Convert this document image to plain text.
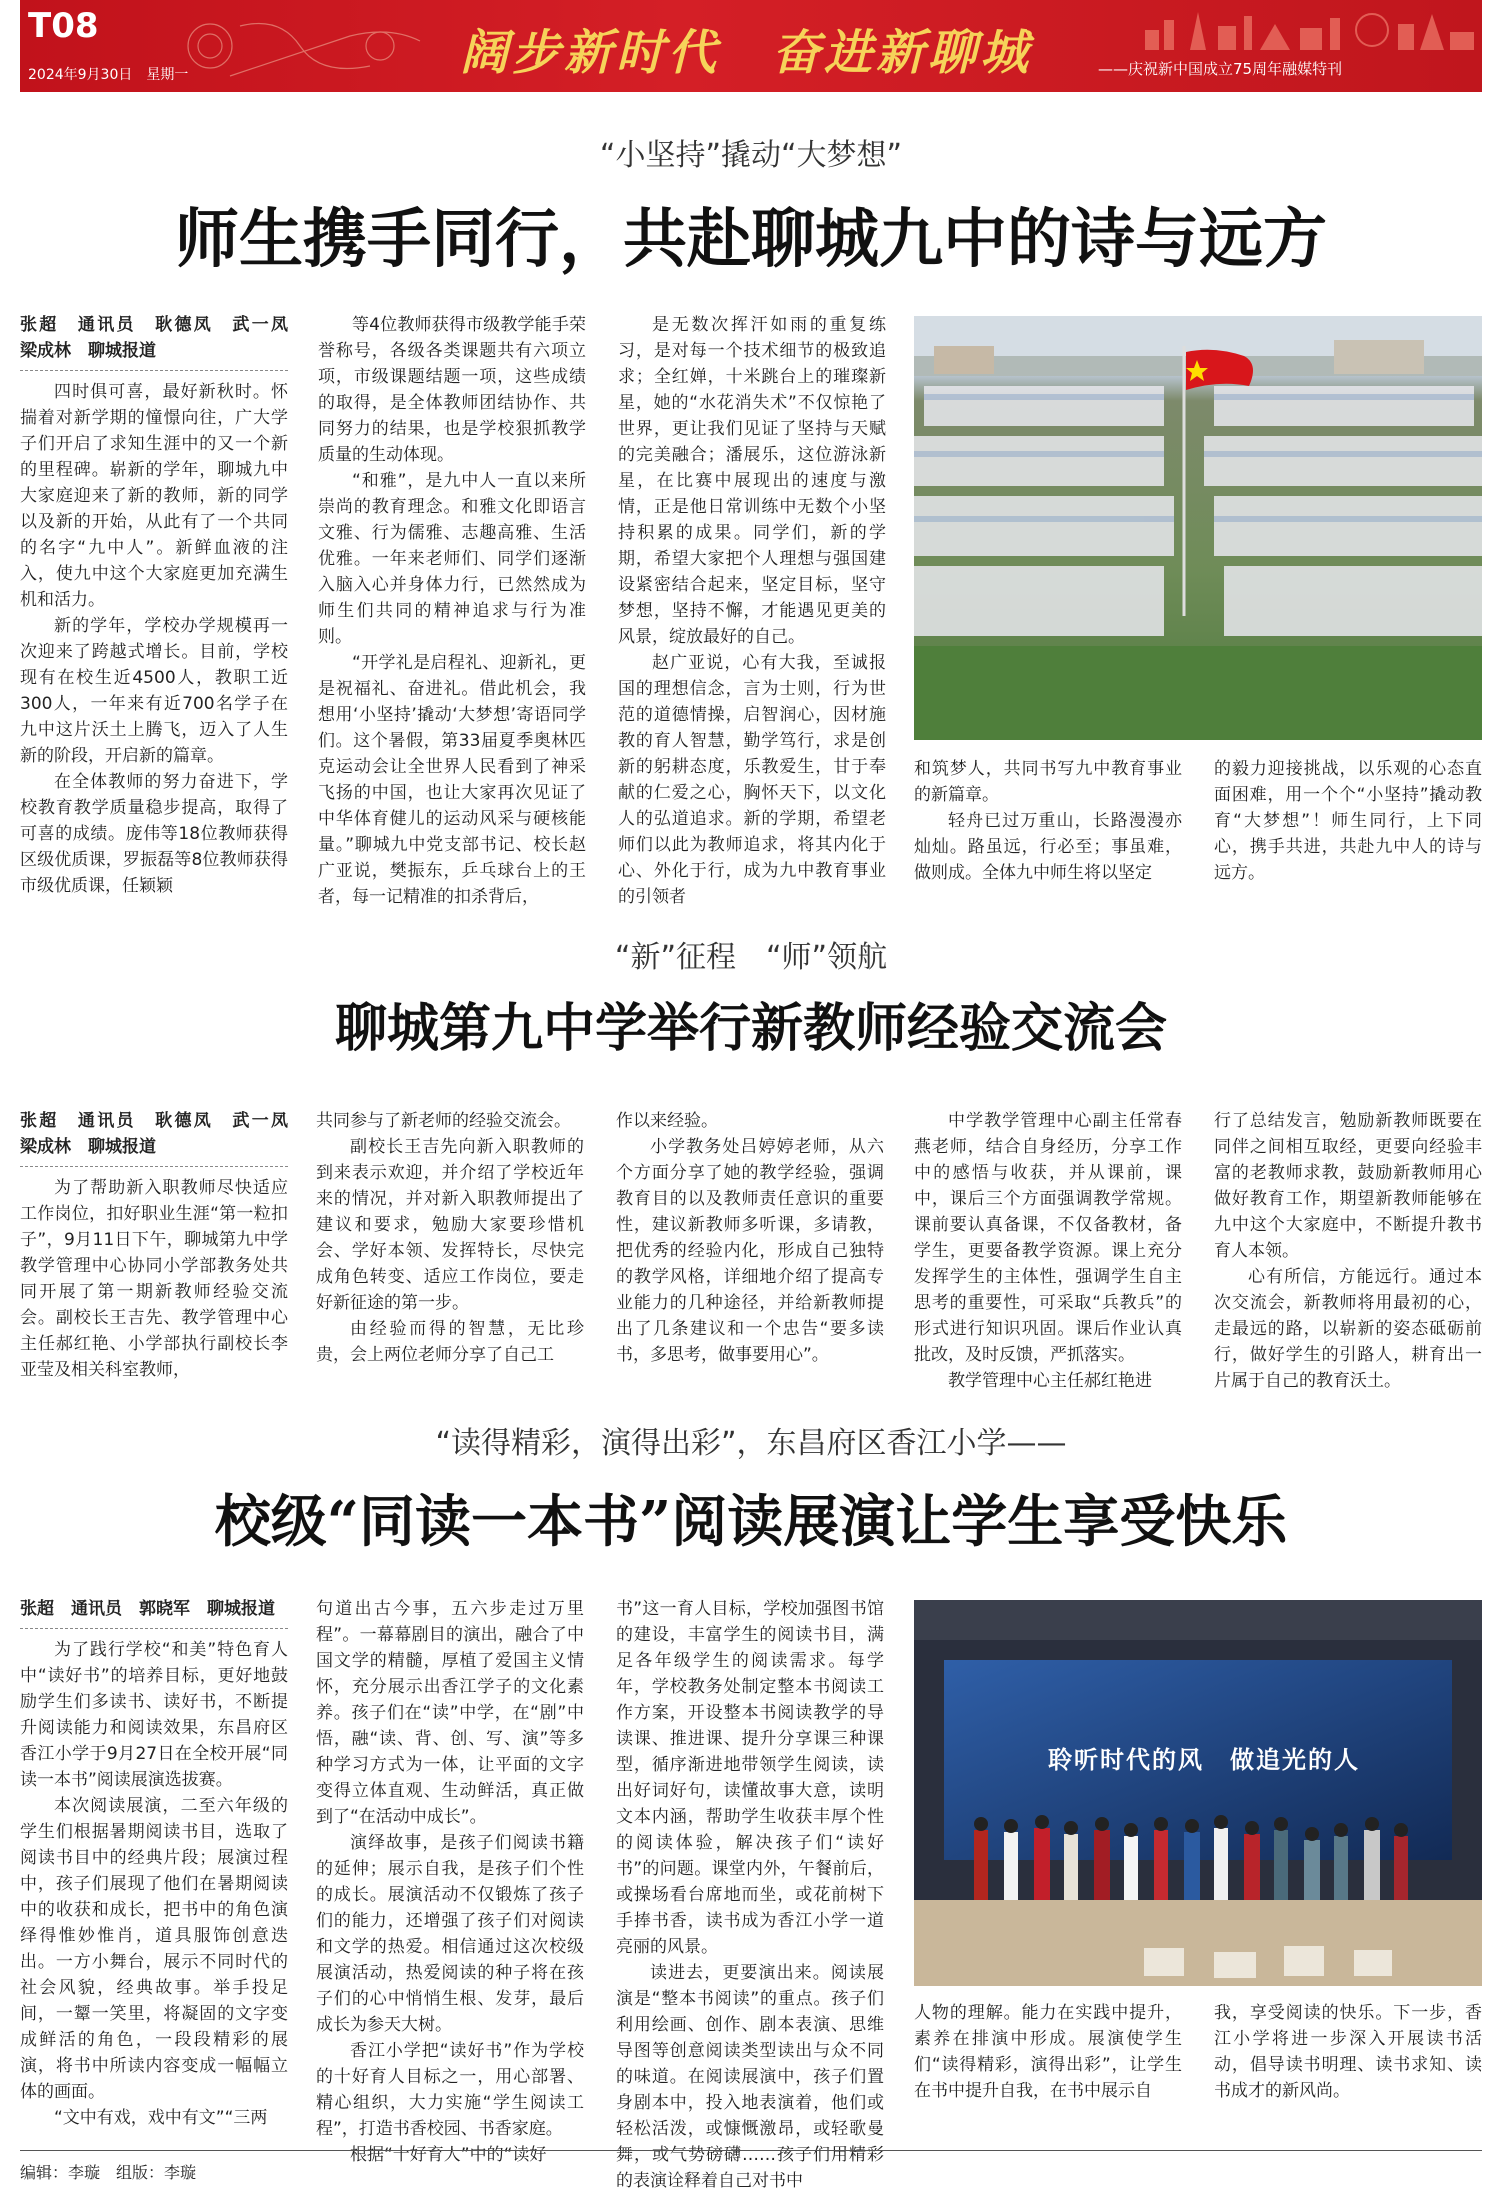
T08
2024年9月30日　星期一	阔步新时代　奋进新聊城	——庆祝新中国成立75周年融媒特刊
“小坚持”撬动“大梦想”
师生携手同行，共赴聊城九中的诗与远方

张超　通讯员　耿德凤　武一凤　梁成林　聊城报道

四时俱可喜，最好新秋时。怀揣着对新学期的憧憬向往，广大学子们开启了求知生涯中的又一个新的里程碑。崭新的学年，聊城九中大家庭迎来了新的教师，新的同学以及新的开始，从此有了一个共同的名字“九中人”。新鲜血液的注入，使九中这个大家庭更加充满生机和活力。

新的学年，学校办学规模再一次迎来了跨越式增长。目前，学校现有在校生近4500人，教职工近300人，一年来有近700名学子在九中这片沃土上腾飞，迈入了人生新的阶段，开启新的篇章。

在全体教师的努力奋进下，学校教育教学质量稳步提高，取得了可喜的成绩。庞伟等18位教师获得区级优质课，罗振磊等8位教师获得市级优质课，任颖颖

等4位教师获得市级教学能手荣誉称号，各级各类课题共有六项立项，市级课题结题一项，这些成绩的取得，是全体教师团结协作、共同努力的结果，也是学校狠抓教学质量的生动体现。

“和雅”，是九中人一直以来所崇尚的教育理念。和雅文化即语言文雅、行为儒雅、志趣高雅、生活优雅。一年来老师们、同学们逐渐入脑入心并身体力行，已然然成为师生们共同的精神追求与行为准则。

“开学礼是启程礼、迎新礼，更是祝福礼、奋进礼。借此机会，我想用‘小坚持’撬动‘大梦想’寄语同学们。这个暑假，第33届夏季奥林匹克运动会让全世界人民看到了神采飞扬的中国，也让大家再次见证了中华体育健儿的运动风采与硬核能量。”聊城九中党支部书记、校长赵广亚说，樊振东，乒乓球台上的王者，每一记精准的扣杀背后，

是无数次挥汗如雨的重复练习，是对每一个技术细节的极致追求；全红婵，十米跳台上的璀璨新星，她的“水花消失术”不仅惊艳了世界，更让我们见证了坚持与天赋的完美融合；潘展乐，这位游泳新星，在比赛中展现出的速度与激情，正是他日常训练中无数个小坚持积累的成果。同学们，新的学期，希望大家把个人理想与强国建设紧密结合起来，坚定目标，坚守梦想，坚持不懈，才能遇见更美的风景，绽放最好的自己。

赵广亚说，心有大我，至诚报国的理想信念，言为士则，行为世范的道德情操，启智润心，因材施教的育人智慧，勤学笃行，求是创新的躬耕态度，乐教爱生，甘于奉献的仁爱之心，胸怀天下，以文化人的弘道追求。新的学期，希望老师们以此为教师追求，将其内化于心、外化于行，成为九中教育事业的引领者

和筑梦人，共同书写九中教育事业的新篇章。

轻舟已过万重山，长路漫漫亦灿灿。路虽远，行必至；事虽难，做则成。全体九中师生将以坚定

的毅力迎接挑战，以乐观的心态直面困难，用一个个“小坚持”撬动教育“大梦想”！师生同行，上下同心，携手共进，共赴九中人的诗与远方。

“新”征程　“师”领航
聊城第九中学举行新教师经验交流会

张超　通讯员　耿德凤　武一凤　梁成林　聊城报道

为了帮助新入职教师尽快适应工作岗位，扣好职业生涯“第一粒扣子”，9月11日下午，聊城第九中学教学管理中心协同小学部教务处共同开展了第一期新教师经验交流会。副校长王吉先、教学管理中心主任郝红艳、小学部执行副校长李亚莹及相关科室教师，

共同参与了新老师的经验交流会。

副校长王吉先向新入职教师的到来表示欢迎，并介绍了学校近年来的情况，并对新入职教师提出了建议和要求，勉励大家要珍惜机会、学好本领、发挥特长，尽快完成角色转变、适应工作岗位，要走好新征途的第一步。

由经验而得的智慧，无比珍贵，会上两位老师分享了自己工

作以来经验。

小学教务处吕婷婷老师，从六个方面分享了她的教学经验，强调教育目的以及教师责任意识的重要性，建议新教师多听课，多请教，把优秀的经验内化，形成自己独特的教学风格，详细地介绍了提高专业能力的几种途径，并给新教师提出了几条建议和一个忠告“要多读书，多思考，做事要用心”。

中学教学管理中心副主任常春燕老师，结合自身经历，分享工作中的感悟与收获，并从课前，课中，课后三个方面强调教学常规。课前要认真备课，不仅备教材，备学生，更要备教学资源。课上充分发挥学生的主体性，强调学生自主思考的重要性，可采取“兵教兵”的形式进行知识巩固。课后作业认真批改，及时反馈，严抓落实。

教学管理中心主任郝红艳进

行了总结发言，勉励新教师既要在同伴之间相互取经，更要向经验丰富的老教师求教，鼓励新教师用心做好教育工作，期望新教师能够在九中这个大家庭中，不断提升教书育人本领。

心有所信，方能远行。通过本次交流会，新教师将用最初的心，走最远的路，以崭新的姿态砥砺前行，做好学生的引路人，耕育出一片属于自己的教育沃土。

“读得精彩，演得出彩”，东昌府区香江小学——
校级“同读一本书”阅读展演让学生享受快乐

张超　通讯员　郭晓军　聊城报道

为了践行学校“和美”特色育人中“读好书”的培养目标，更好地鼓励学生们多读书、读好书，不断提升阅读能力和阅读效果，东昌府区香江小学于9月27日在全校开展“同读一本书”阅读展演选拔赛。

本次阅读展演，二至六年级的学生们根据暑期阅读书目，选取了阅读书目中的经典片段；展演过程中，孩子们展现了他们在暑期阅读中的收获和成长，把书中的角色演绎得惟妙惟肖，道具服饰创意迭出。一方小舞台，展示不同时代的社会风貌，经典故事。举手投足间，一颦一笑里，将凝固的文字变成鲜活的角色，一段段精彩的展演，将书中所读内容变成一幅幅立体的画面。

“文中有戏，戏中有文”“三两

句道出古今事，五六步走过万里程”。一幕幕剧目的演出，融合了中国文学的精髓，厚植了爱国主义情怀，充分展示出香江学子的文化素养。孩子们在“读”中学，在“剧”中悟，融“读、背、创、写、演”等多种学习方式为一体，让平面的文字变得立体直观、生动鲜活，真正做到了“在活动中成长”。

演绎故事，是孩子们阅读书籍的延伸；展示自我，是孩子们个性的成长。展演活动不仅锻炼了孩子们的能力，还增强了孩子们对阅读和文学的热爱。相信通过这次校级展演活动，热爱阅读的种子将在孩子们的心中悄悄生根、发芽，最后成长为参天大树。

香江小学把“读好书”作为学校的十好育人目标之一，用心部署、精心组织，大力实施“学生阅读工程”，打造书香校园、书香家庭。

根据“十好育人”中的“读好

书”这一育人目标，学校加强图书馆的建设，丰富学生的阅读书目，满足各年级学生的阅读需求。每学年，学校教务处制定整本书阅读工作方案，开设整本书阅读教学的导读课、推进课、提升分享课三种课型，循序渐进地带领学生阅读，读出好词好句，读懂故事大意，读明文本内涵，帮助学生收获丰厚个性的阅读体验，解决孩子们“读好书”的问题。课堂内外，午餐前后，或操场看台席地而坐，或花前树下手捧书香，读书成为香江小学一道亮丽的风景。

读进去，更要演出来。阅读展演是“整本书阅读”的重点。孩子们利用绘画、创作、剧本表演、思维导图等创意阅读类型读出与众不同的味道。在阅读展演中，孩子们置身剧本中，投入地表演着，他们或轻松活泼，或慷慨激昂，或轻歌曼舞，或气势磅礴……孩子们用精彩的表演诠释着自己对书中

聆听时代的风　做追光的人

人物的理解。能力在实践中提升，素养在排演中形成。展演使学生们“读得精彩，演得出彩”，让学生在书中提升自我，在书中展示自

我，享受阅读的快乐。下一步，香江小学将进一步深入开展读书活动，倡导读书明理、读书求知、读书成才的新风尚。

编辑：李璇　组版：李璇
